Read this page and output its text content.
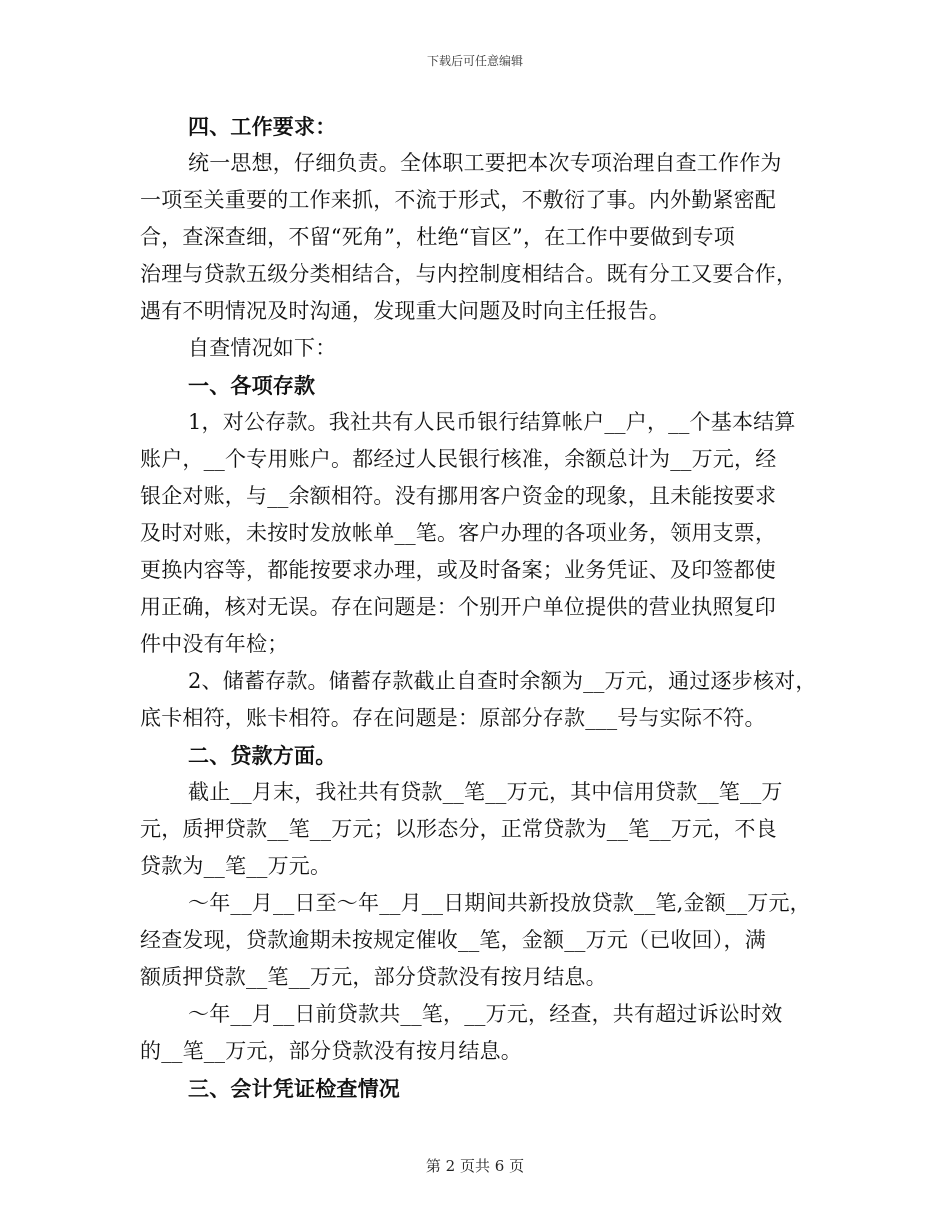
下载后可任意编辑
四、工作要求：
统一思想，仔细负责。全体职工要把本次专项治理自查工作作为
一项至关重要的工作来抓，不流于形式，不敷衍了事。内外勤紧密配
合，查深查细，不留“死角”，杜绝“盲区”，在工作中要做到专项
治理与贷款五级分类相结合，与内控制度相结合。既有分工又要合作，
遇有不明情况及时沟通，发现重大问题及时向主任报告。
自查情况如下：
一、各项存款
1，对公存款。我社共有人民币银行结算帐户__户，__个基本结算
账户，__个专用账户。都经过人民银行核准，余额总计为__万元，经
银企对账，与__余额相符。没有挪用客户资金的现象，且未能按要求
及时对账，未按时发放帐单__笔。客户办理的各项业务，领用支票，
更换内容等，都能按要求办理，或及时备案；业务凭证、及印签都使
用正确，核对无误。存在问题是：个别开户单位提供的营业执照复印
件中没有年检；
2、储蓄存款。储蓄存款截止自查时余额为__万元，通过逐步核对，
底卡相符，账卡相符。存在问题是：原部分存款___号与实际不符。
二、贷款方面。
截止__月末，我社共有贷款__笔__万元，其中信用贷款__笔__万
元，质押贷款__笔__万元；以形态分，正常贷款为__笔__万元，不良
贷款为__笔__万元。
～年__月__日至～年__月__日期间共新投放贷款__笔,金额__万元，
经查发现，贷款逾期未按规定催收__笔，金额__万元（已收回），满
额质押贷款__笔__万元，部分贷款没有按月结息。
～年__月__日前贷款共__笔，__万元，经查，共有超过诉讼时效
的__笔__万元，部分贷款没有按月结息。
三、会计凭证检查情况
第 2 页共 6 页
